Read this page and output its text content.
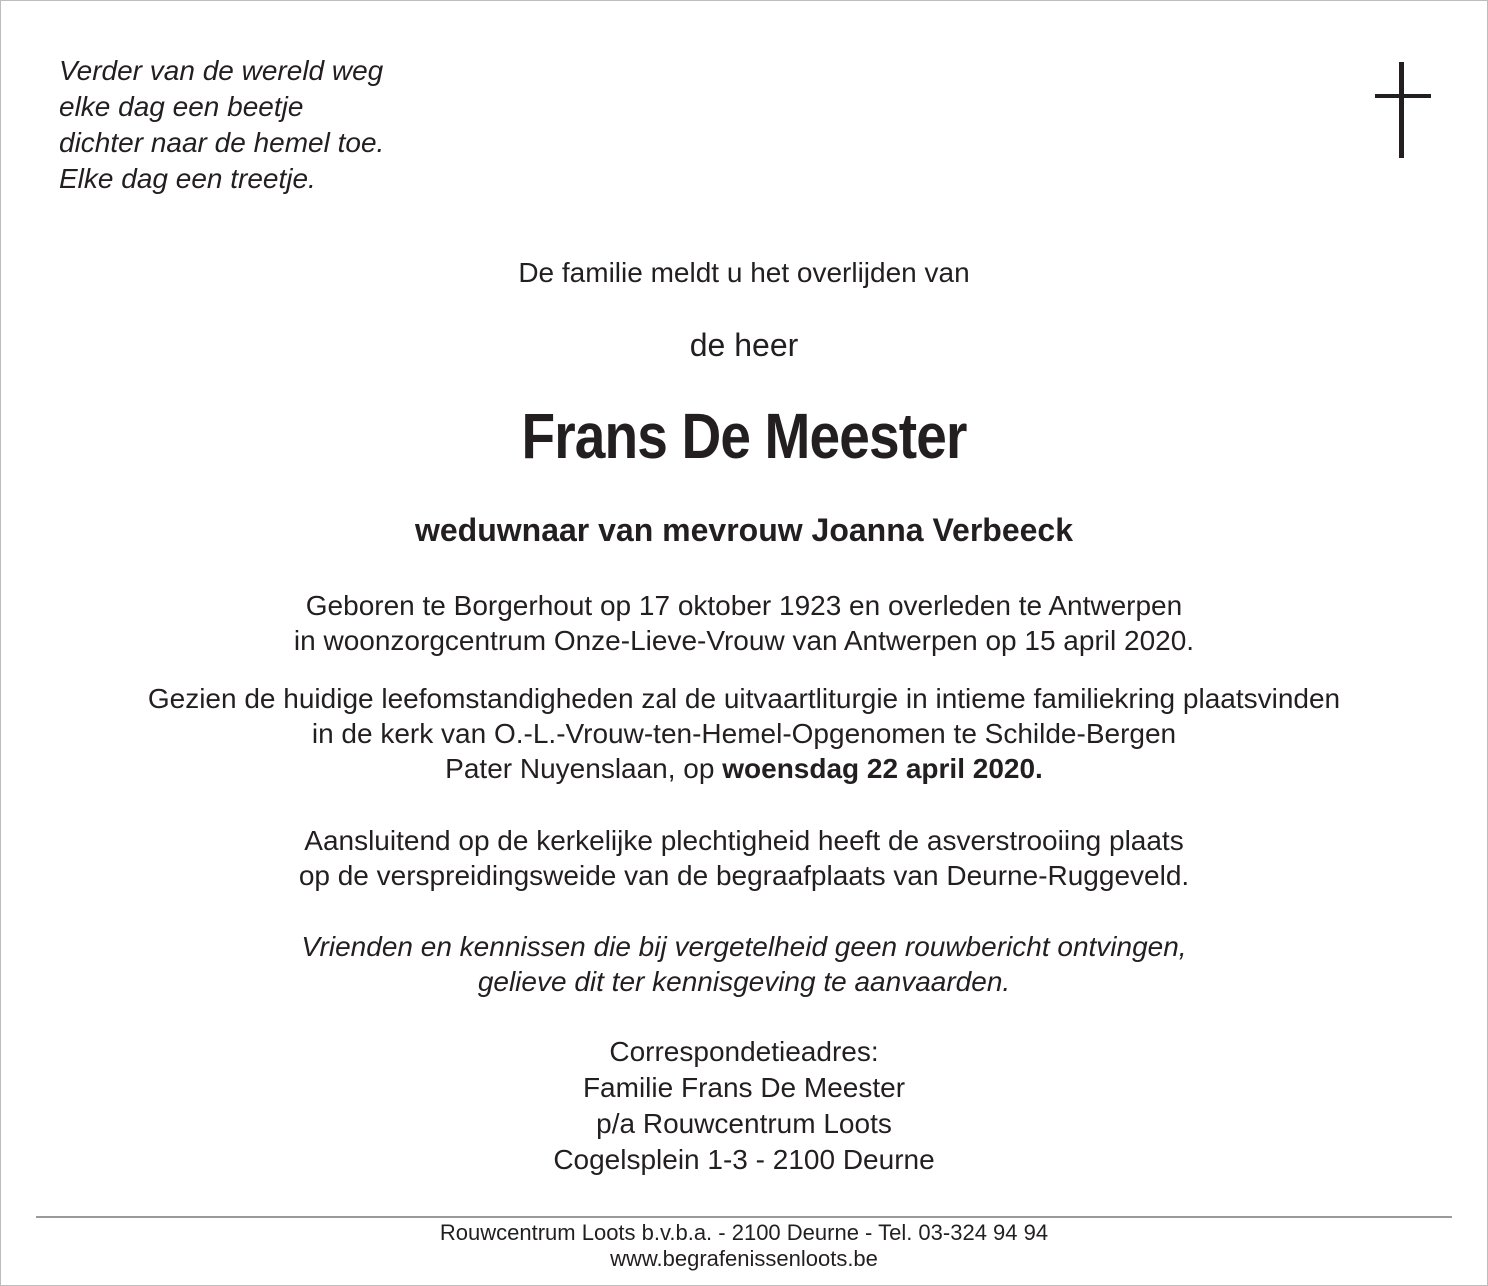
Verder van de wereld weg
elke dag een beetje
dichter naar de hemel toe.
Elke dag een treetje.
De familie meldt u het overlijden van
de heer
Frans De Meester
weduwnaar van mevrouw Joanna Verbeeck
Geboren te Borgerhout op 17 oktober 1923 en overleden te Antwerpen
in woonzorgcentrum Onze-Lieve-Vrouw van Antwerpen op 15 april 2020.
Gezien de huidige leefomstandigheden zal de uitvaartliturgie in intieme familiekring plaatsvinden
in de kerk van O.-L.-Vrouw-ten-Hemel-Opgenomen te Schilde-Bergen
Pater Nuyenslaan, op woensdag 22 april 2020.
Aansluitend op de kerkelijke plechtigheid heeft de asverstrooiing plaats
op de verspreidingsweide van de begraafplaats van Deurne-Ruggeveld.
Vrienden en kennissen die bij vergetelheid geen rouwbericht ontvingen,
gelieve dit ter kennisgeving te aanvaarden.
Correspondetieadres:
Familie Frans De Meester
p/a Rouwcentrum Loots
Cogelsplein 1-3 - 2100 Deurne
Rouwcentrum Loots b.v.b.a. - 2100 Deurne - Tel. 03-324 94 94
www.begrafenissenloots.be
